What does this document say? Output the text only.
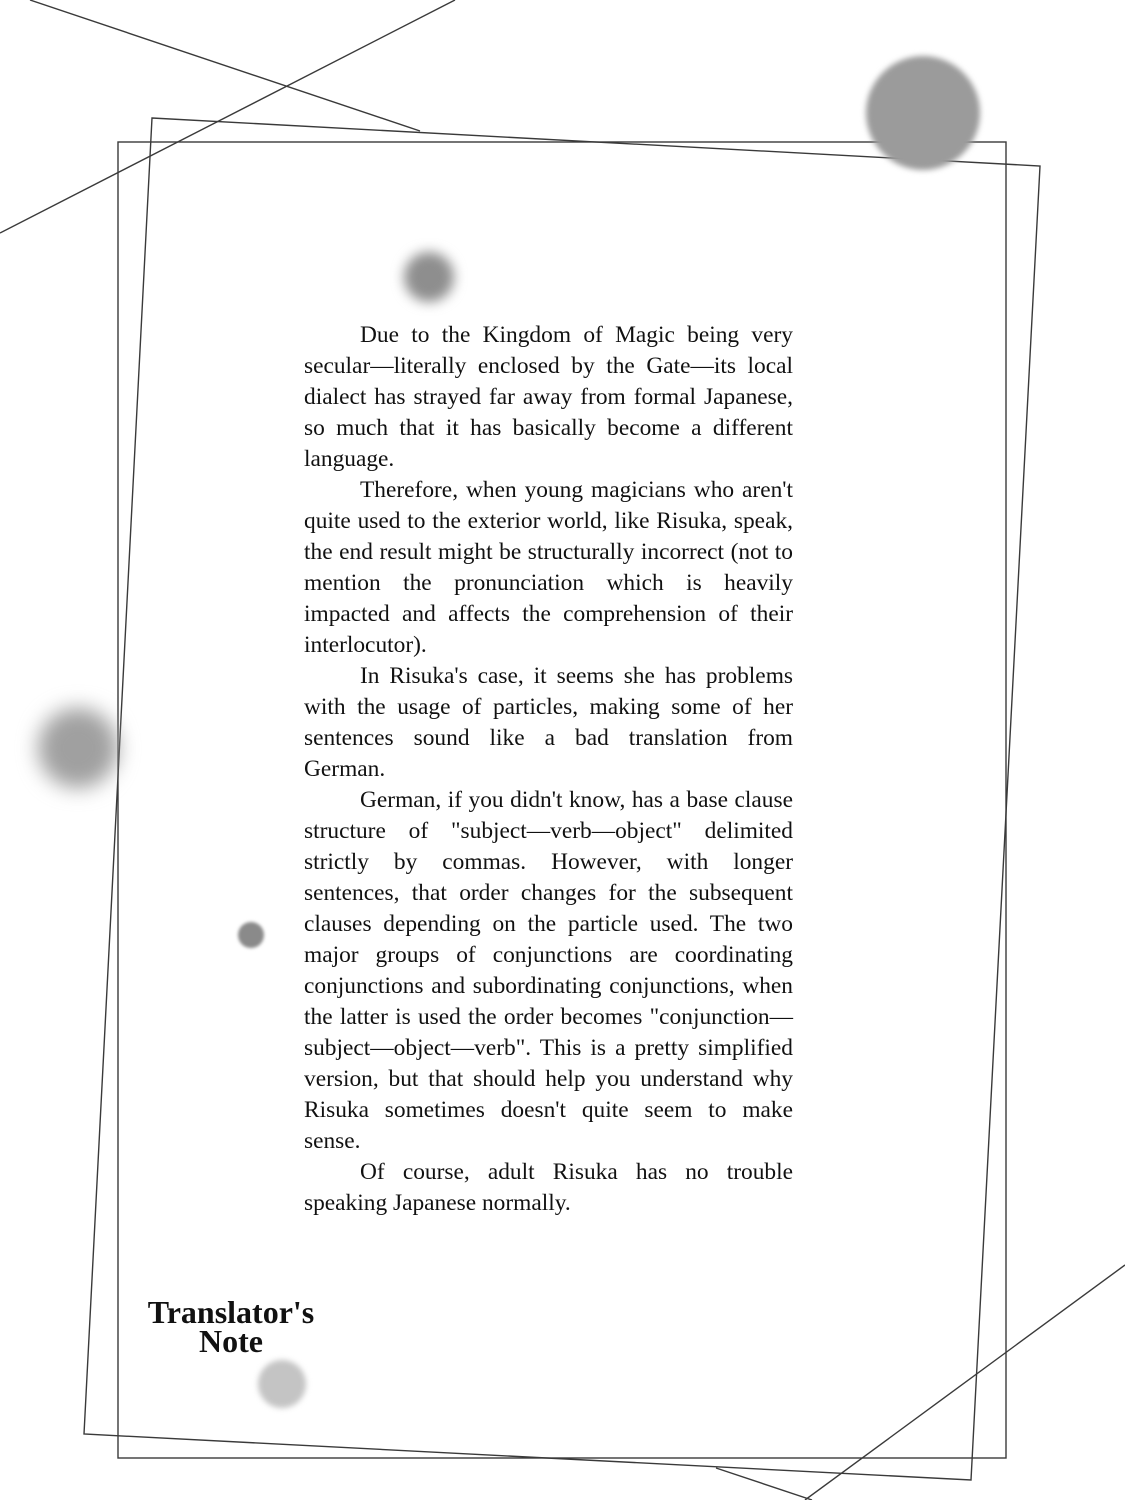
Due to the Kingdom of Magic being very secular—literally enclosed by the Gate—its local dialect has strayed far away from formal Japanese, so much that it has basically become a different language.

Therefore, when young magicians who aren't quite used to the exterior world, like Risuka, speak, the end result might be structurally incorrect (not to mention the pronunciation which is heavily impacted and affects the comprehension of their interlocutor).

In Risuka's case, it seems she has problems with the usage of particles, making some of her sentences sound like a bad translation from German.

German, if you didn't know, has a base clause structure of "subject—verb—object" delimited strictly by commas. However, with longer sentences, that order changes for the subsequent clauses depending on the particle used. The two major groups of conjunctions are coordinating conjunctions and subordinating conjunctions, when the latter is used the order becomes "conjunction—subject—object—verb". This is a pretty simplified version, but that should help you understand why Risuka sometimes doesn't quite seem to make sense.

Of course, adult Risuka has no trouble speaking Japanese normally.

Translator's
Note
